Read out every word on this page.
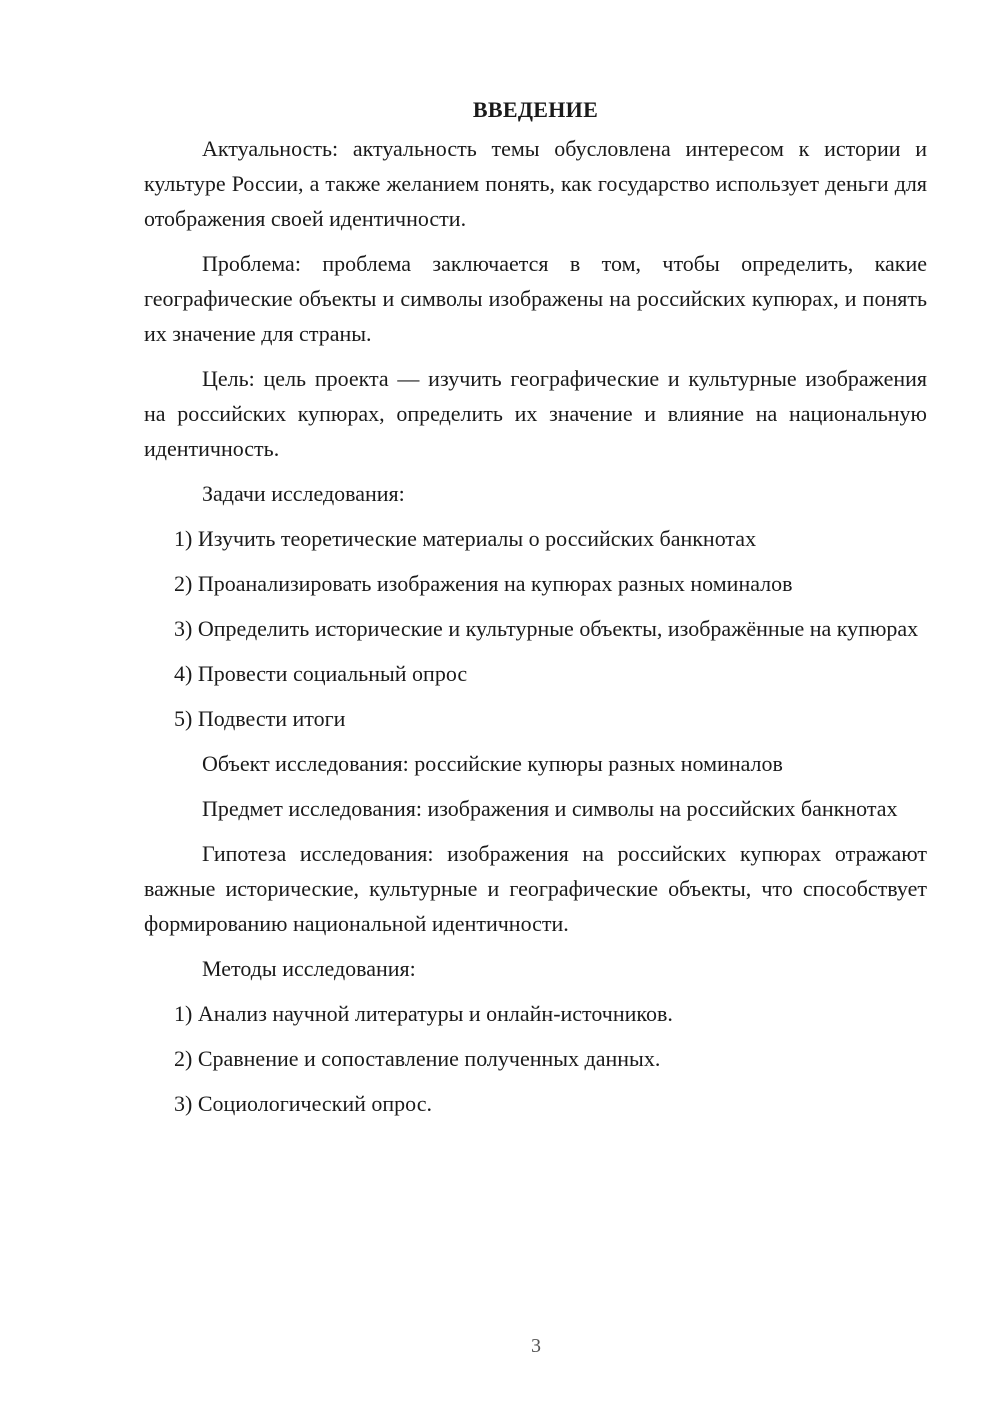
ВВЕДЕНИЕ

Актуальность: актуальность темы обусловлена интересом к истории и культуре России, а также желанием понять, как государство использует деньги для отображения своей идентичности.

Проблема: проблема заключается в том, чтобы определить, какие географические объекты и символы изображены на российских купюрах, и понять их значение для страны.

Цель: цель проекта — изучить географические и культурные изображения на российских купюрах, определить их значение и влияние на национальную идентичность.

Задачи исследования:

1) Изучить теоретические материалы о российских банкнотах

2) Проанализировать изображения на купюрах разных номиналов

3) Определить исторические и культурные объекты, изображённые на купюрах

4) Провести социальный опрос

5) Подвести итоги

Объект исследования: российские купюры разных номиналов

Предмет исследования: изображения и символы на российских банкнотах

Гипотеза исследования: изображения на российских купюрах отражают важные исторические, культурные и географические объекты, что способствует формированию национальной идентичности.

Методы исследования:

1) Анализ научной литературы и онлайн-источников.

2) Сравнение и сопоставление полученных данных.

3) Социологический опрос.

3
